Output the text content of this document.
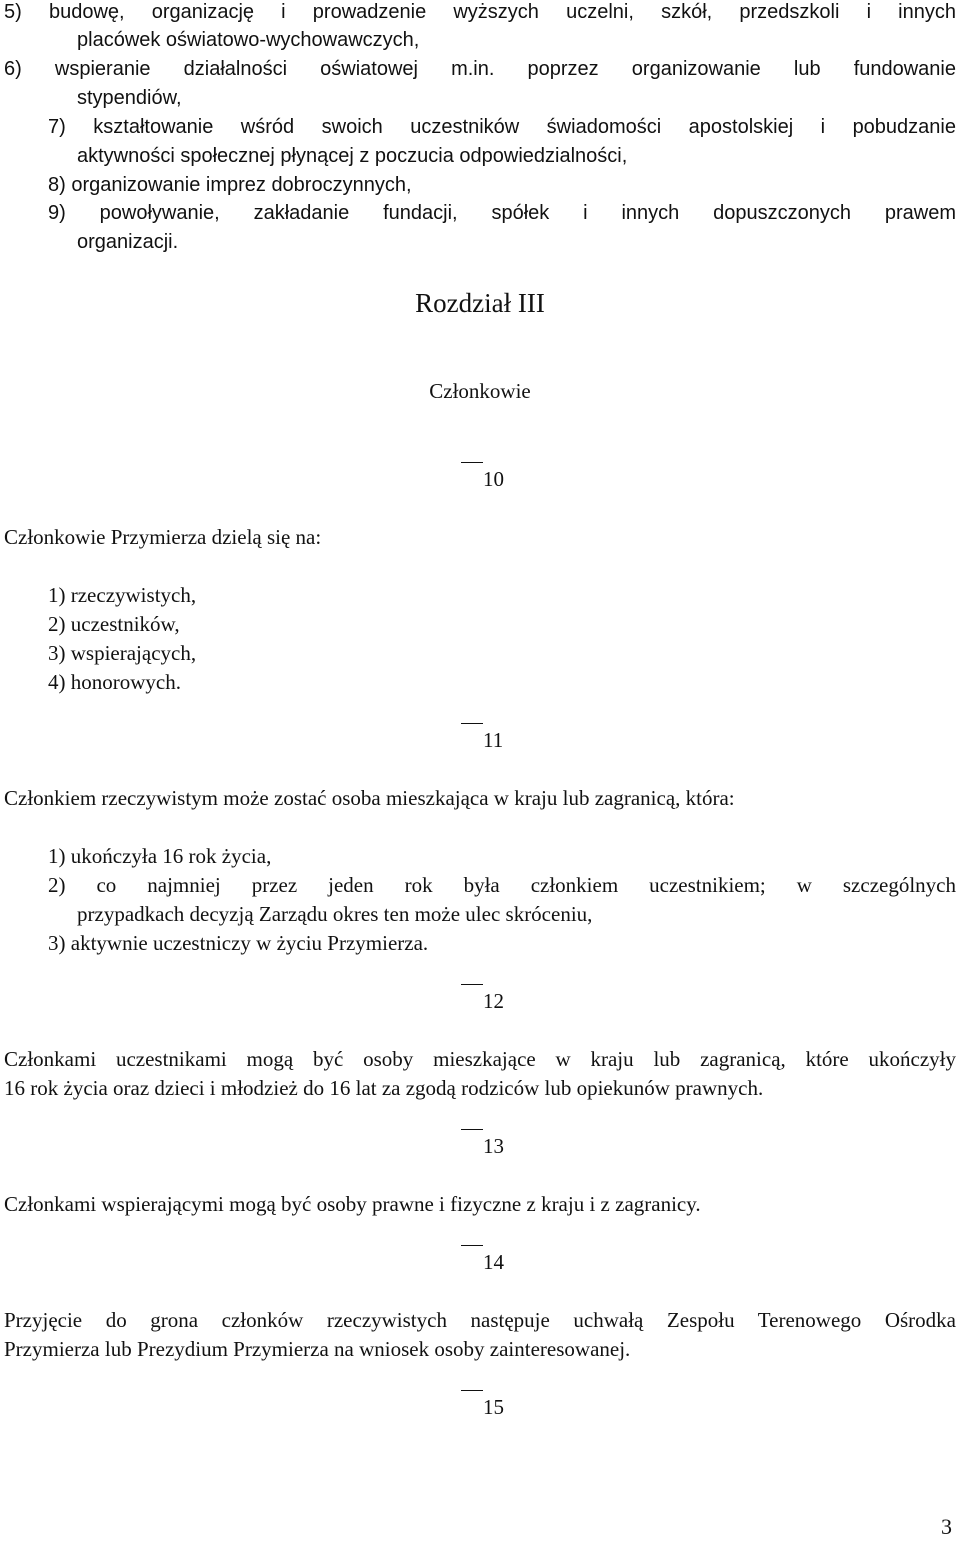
5) budowę, organizację i prowadzenie wyższych uczelni, szkół, przedszkoli i innych
placówek oświatowo-wychowawczych,
6) wspieranie działalności oświatowej m.in. poprzez organizowanie lub fundowanie
stypendiów,
7) kształtowanie wśród swoich uczestników świadomości apostolskiej i pobudzanie
aktywności społecznej płynącej z poczucia odpowiedzialności,
8) organizowanie imprez dobroczynnych,
9) powoływanie, zakładanie fundacji, spółek i innych dopuszczonych prawem
organizacji.
Rozdział III
Członkowie
10
Członkowie Przymierza dzielą się na:
1) rzeczywistych,
2) uczestników,
3) wspierających,
4) honorowych.
11
Członkiem rzeczywistym może zostać osoba mieszkająca w kraju lub zagranicą, która:
1) ukończyła 16 rok życia,
2) co najmniej przez jeden rok była członkiem uczestnikiem; w szczególnych
przypadkach decyzją Zarządu okres ten może ulec skróceniu,
3) aktywnie uczestniczy w życiu Przymierza.
12
Członkami uczestnikami mogą być osoby mieszkające w kraju lub zagranicą, które ukończyły
16 rok życia oraz dzieci i młodzież do 16 lat za zgodą rodziców lub opiekunów prawnych.
13
Członkami wspierającymi mogą być osoby prawne i fizyczne z kraju i z zagranicy.
14
Przyjęcie do grona członków rzeczywistych następuje uchwałą Zespołu Terenowego Ośrodka
Przymierza lub Prezydium Przymierza na wniosek osoby zainteresowanej.
15
3
